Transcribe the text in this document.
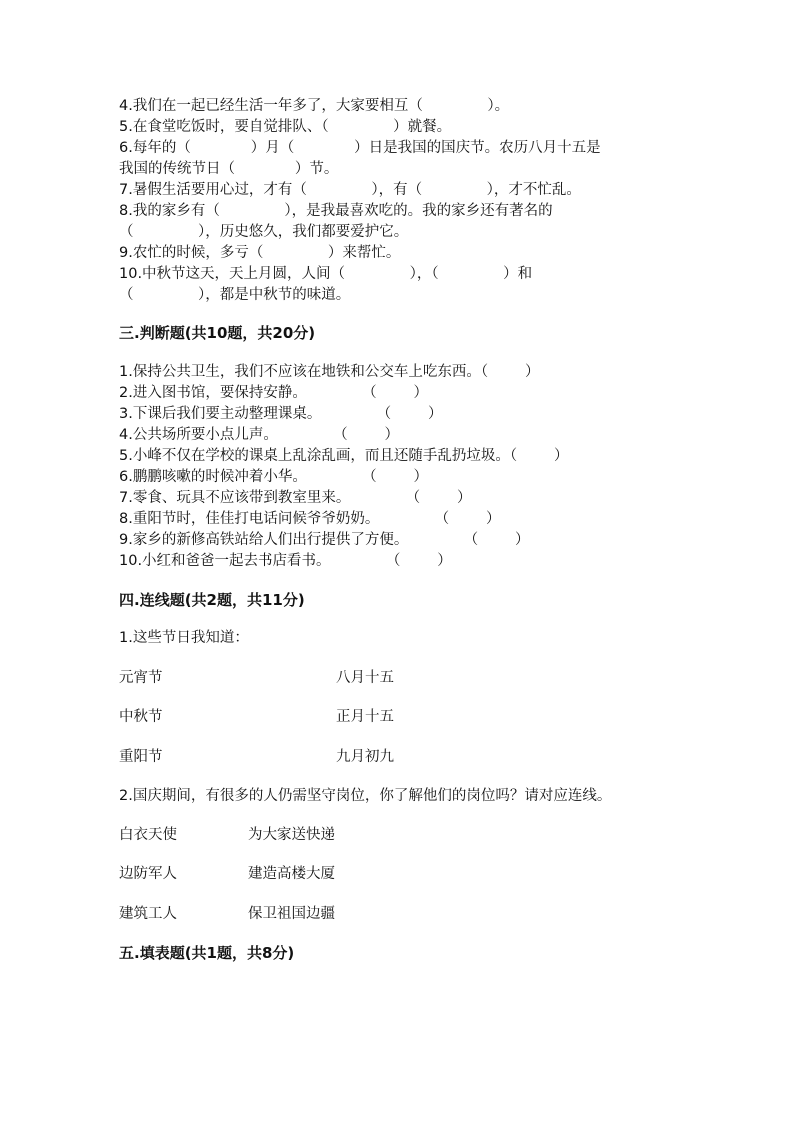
4.我们在一起已经生活一年多了，大家要相互（              ）。
5.在食堂吃饭时，要自觉排队、（              ）就餐。
6.每年的（             ）月（             ）日是我国的国庆节。农历八月十五是
我国的传统节日（             ）节。
7.暑假生活要用心过，才有（              ），有（              ），才不忙乱。
8.我的家乡有（              ），是我最喜欢吃的。我的家乡还有著名的
（              ），历史悠久，我们都要爱护它。
9.农忙的时候，多亏（              ）来帮忙。
10.中秋节这天，天上月圆，人间（              ），（              ）和
（              ），都是中秋节的味道。
三.判断题(共10题，共20分)
1.保持公共卫生，我们不应该在地铁和公交车上吃东西。（        ）
2.进入图书馆，要保持安静。            （        ）
3.下课后我们要主动整理课桌。            （        ）
4.公共场所要小点儿声。            （        ）
5.小峰不仅在学校的课桌上乱涂乱画，而且还随手乱扔垃圾。（        ）
6.鹏鹏咳嗽的时候冲着小华。            （        ）
7.零食、玩具不应该带到教室里来。            （        ）
8.重阳节时，佳佳打电话问候爷爷奶奶。            （        ）
9.家乡的新修高铁站给人们出行提供了方便。            （        ）
10.小红和爸爸一起去书店看书。            （        ）
四.连线题(共2题，共11分)
1.这些节日我知道：
元宵节	八月十五
中秋节	正月十五
重阳节	九月初九
2.国庆期间，有很多的人仍需坚守岗位，你了解他们的岗位吗？请对应连线。
白衣天使	为大家送快递
边防军人	建造高楼大厦
建筑工人	保卫祖国边疆
五.填表题(共1题，共8分)
